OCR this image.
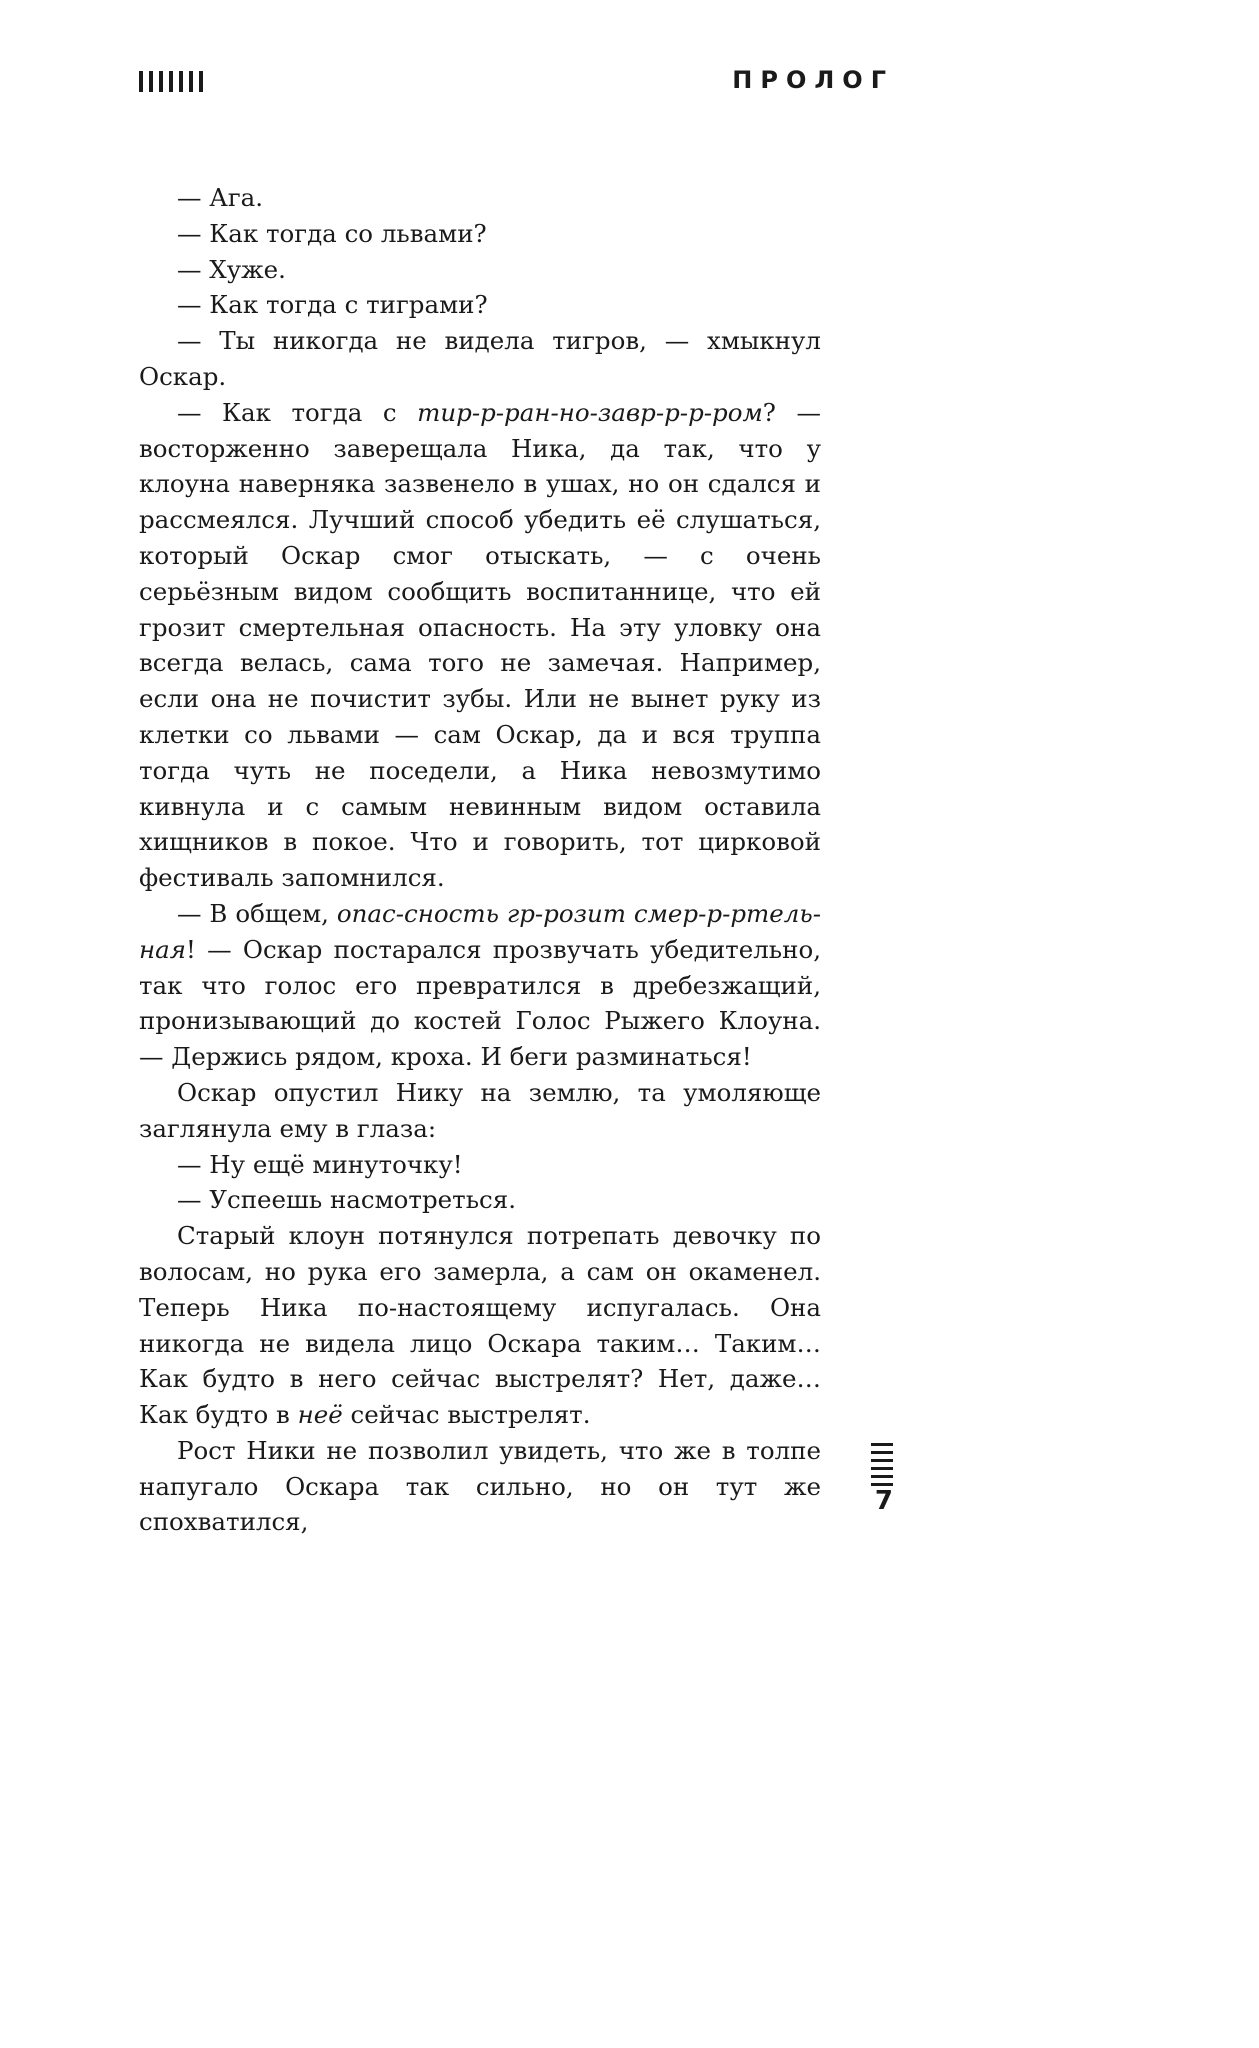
ПРОЛОГ

— Ага.

— Как тогда со львами?

— Хуже.

— Как тогда с тиграми?

— Ты никогда не видела тигров, — хмыкнул Оскар.

— Как тогда с тир-р-ран-но-завр-р-р-ром? — восторженно заверещала Ника, да так, что у клоуна наверняка зазвенело в ушах, но он сдался и рассмеялся. Лучший способ убедить её слушаться, который Оскар смог отыскать, — с очень серьёзным видом сообщить воспитаннице, что ей грозит смертельная опасность. На эту уловку она всегда велась, сама того не замечая. Например, если она не почистит зубы. Или не вынет руку из клетки со львами — сам Оскар, да и вся труппа тогда чуть не поседели, а Ника невозмутимо кивнула и с самым невинным видом оставила хищников в покое. Что и говорить, тот цирковой фестиваль запомнился.

— В общем, опас-сность гр-розит смер-р-ртельная! — Оскар постарался прозвучать убедительно, так что голос его превратился в дребезжащий, пронизывающий до костей Голос Рыжего Клоуна. — Держись рядом, кроха. И беги разминаться!

Оскар опустил Нику на землю, та умоляюще заглянула ему в глаза:

— Ну ещё минуточку!

— Успеешь насмотреться.

Старый клоун потянулся потрепать девочку по волосам, но рука его замерла, а сам он окаменел. Теперь Ника по-настоящему испугалась. Она никогда не видела лицо Оскара таким… Таким… Как будто в него сейчас выстрелят? Нет, даже… Как будто в неё сейчас выстрелят.

Рост Ники не позволил увидеть, что же в толпе напугало Оскара так сильно, но он тут же спохватился,

7
